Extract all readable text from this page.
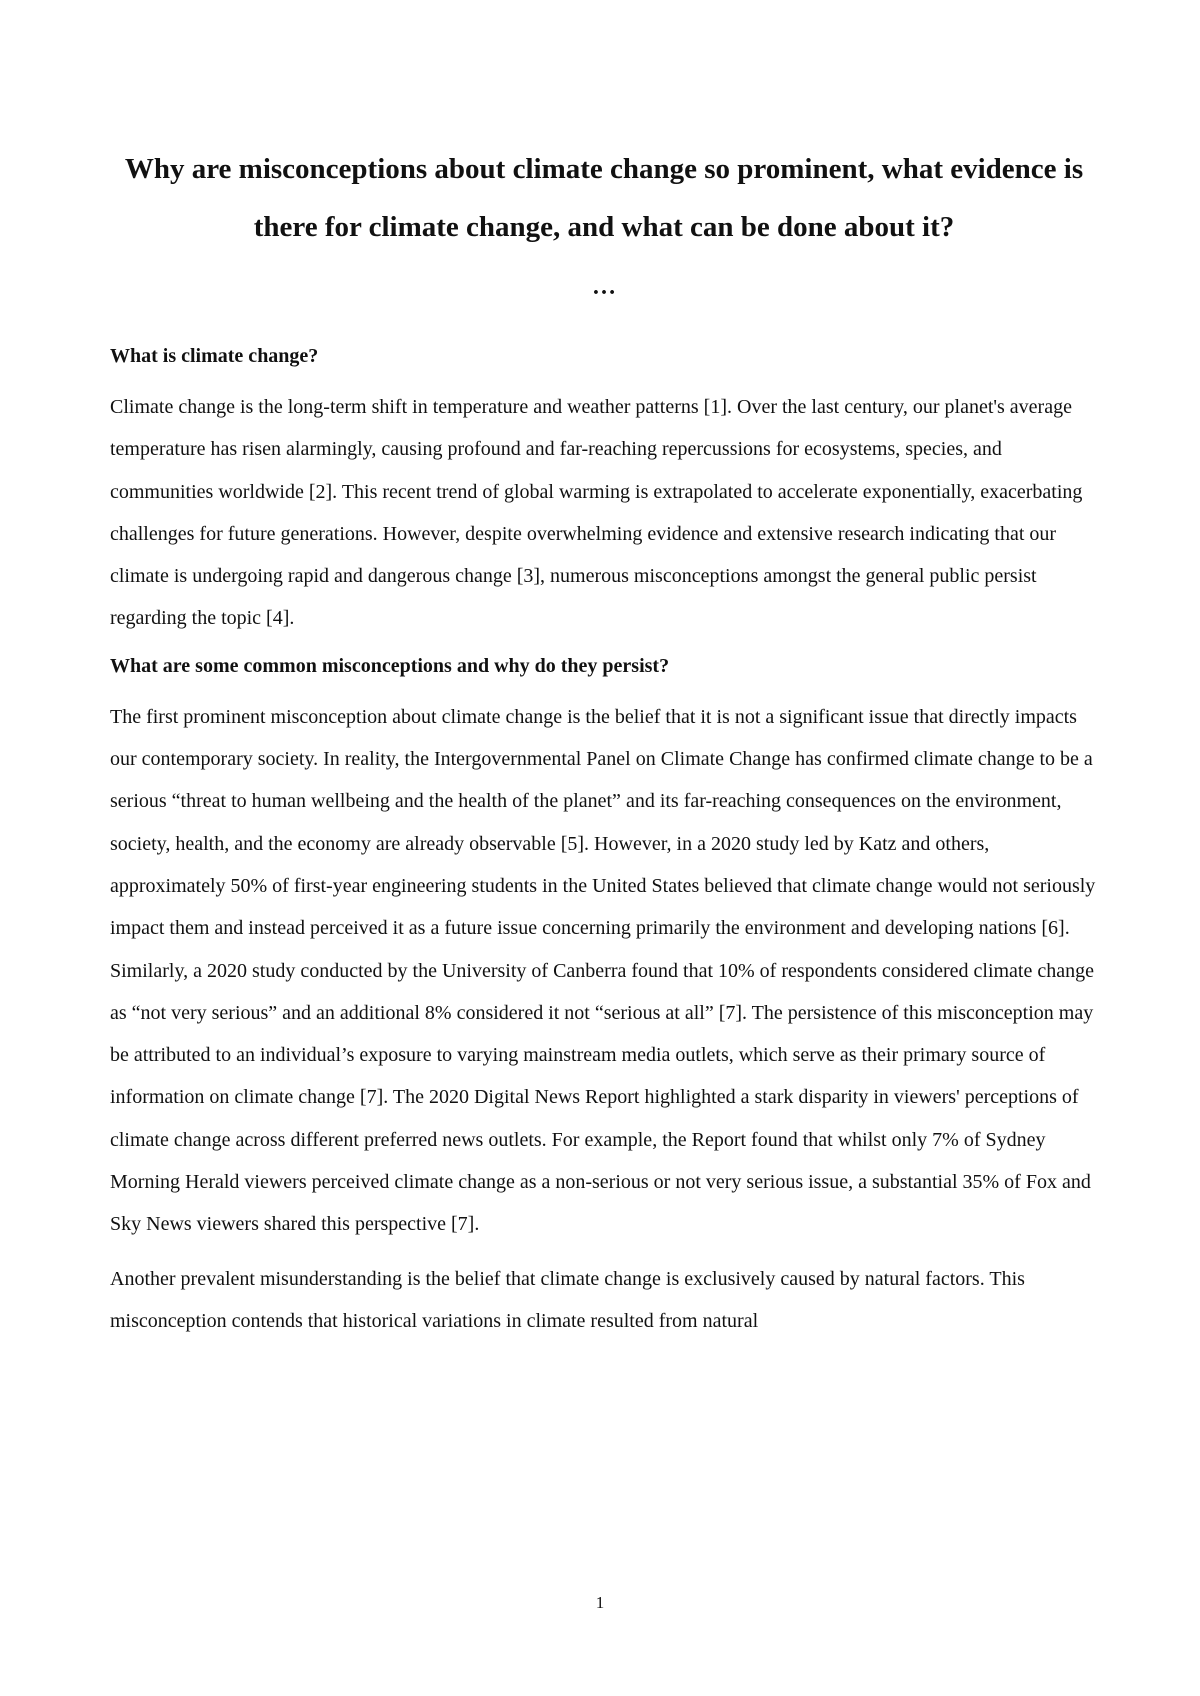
Why are misconceptions about climate change so prominent, what evidence is there for climate change, and what can be done about it?
…
What is climate change?

Climate change is the long-term shift in temperature and weather patterns [1]. Over the last century, our planet's average temperature has risen alarmingly, causing profound and far-reaching repercussions for ecosystems, species, and communities worldwide [2]. This recent trend of global warming is extrapolated to accelerate exponentially, exacerbating challenges for future generations. However, despite overwhelming evidence and extensive research indicating that our climate is undergoing rapid and dangerous change [3], numerous misconceptions amongst the general public persist regarding the topic [4].

What are some common misconceptions and why do they persist?

The first prominent misconception about climate change is the belief that it is not a significant issue that directly impacts our contemporary society. In reality, the Intergovernmental Panel on Climate Change has confirmed climate change to be a serious “threat to human wellbeing and the health of the planet” and its far-reaching consequences on the environment, society, health, and the economy are already observable [5]. However, in a 2020 study led by Katz and others, approximately 50% of first-year engineering students in the United States believed that climate change would not seriously impact them and instead perceived it as a future issue concerning primarily the environment and developing nations [6]. Similarly, a 2020 study conducted by the University of Canberra found that 10% of respondents considered climate change as “not very serious” and an additional 8% considered it not “serious at all” [7]. The persistence of this misconception may be attributed to an individual’s exposure to varying mainstream media outlets, which serve as their primary source of information on climate change [7]. The 2020 Digital News Report highlighted a stark disparity in viewers' perceptions of climate change across different preferred news outlets. For example, the Report found that whilst only 7% of Sydney Morning Herald viewers perceived climate change as a non-serious or not very serious issue, a substantial 35% of Fox and Sky News viewers shared this perspective [7].

Another prevalent misunderstanding is the belief that climate change is exclusively caused by natural factors. This misconception contends that historical variations in climate resulted from natural

1
